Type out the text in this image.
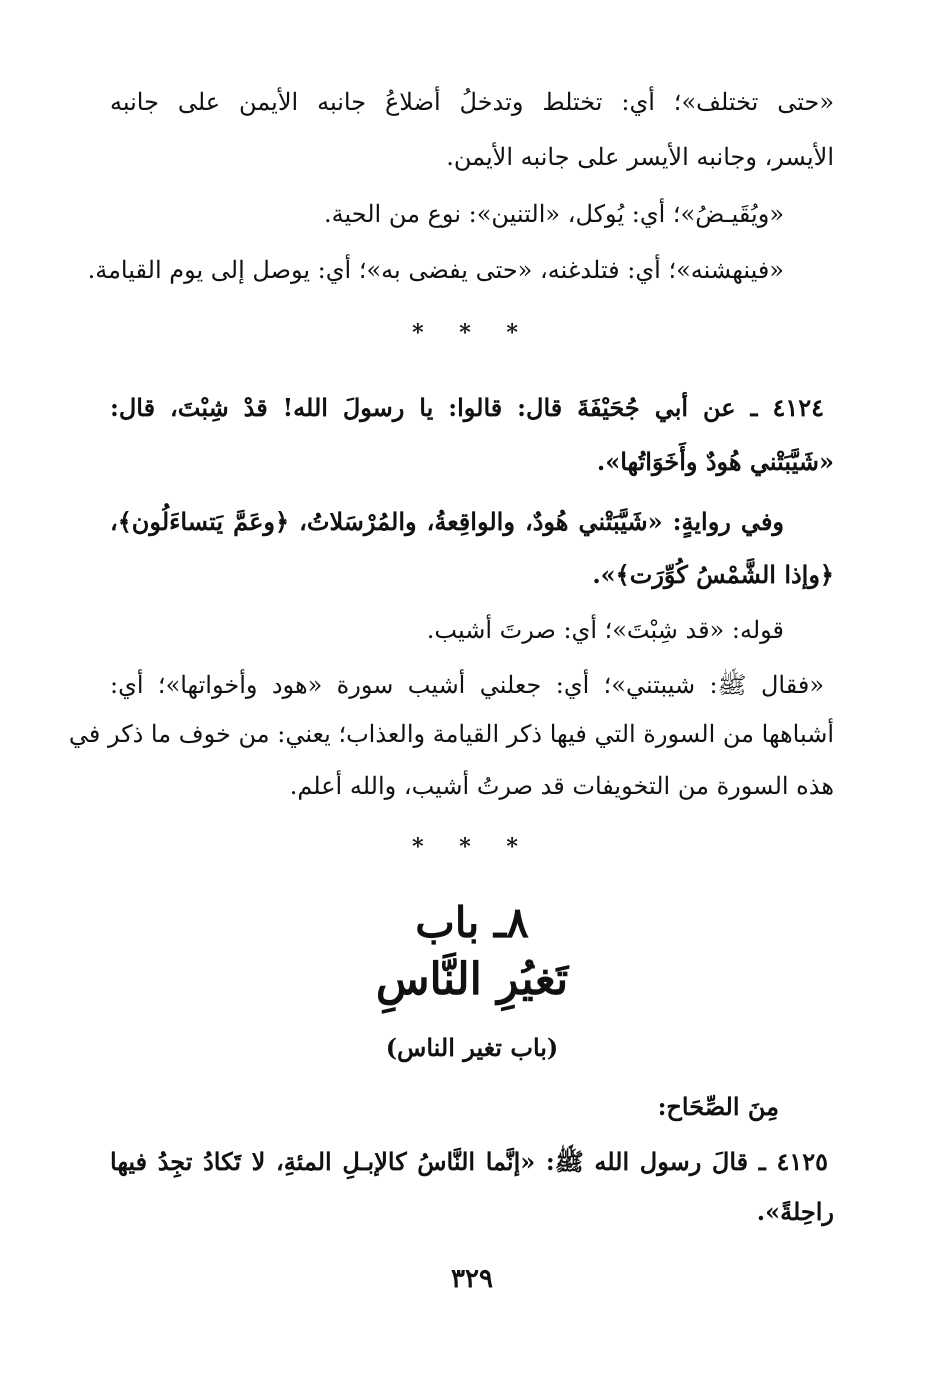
«حتى تختلف»؛ أي: تختلط وتدخلُ أضلاعُ جانبه الأيمن على جانبه
الأيسر، وجانبه الأيسر على جانبه الأيمن.
«ويُقَيـضُ»؛ أي: يُوكل، «التنين»: نوع من الحية.
«فينهشنه»؛ أي: فتلدغنه، «حتى يفضى به»؛ أي: يوصل إلى يوم القيامة.
* * *
٤١٢٤ ـ عن أبي جُحَيْفَةَ قال: قالوا: يا رسولَ الله! قدْ شِبْتَ، قال:
«شَيَّبَتْني هُودٌ وأَخَوَاتُها».
وفي روايةٍ: «شَيَّبَتْني هُودٌ، والواقِعةُ، والمُرْسَلاتُ، ﴿وعَمَّ يَتساءَلُون﴾،
﴿وإذا الشَّمْسُ كُوِّرَت﴾».
قوله: «قد شِبْتَ»؛ أي: صرتَ أشيب.
«فقال ﷺ: شيبتني»؛ أي: جعلني أشيب سورة «هود وأخواتها»؛ أي:
أشباهها من السورة التي فيها ذكر القيامة والعذاب؛ يعني: من خوف ما ذكر في
هذه السورة من التخويفات قد صرتُ أشيب، والله أعلم.
* * *
٨ـ باب
تَغيُرِ النَّاسِ
(باب تغير الناس)
مِنَ الصِّحَاح:
٤١٢٥ ـ قالَ رسول الله ﷺ: «إنَّما النَّاسُ كالإبـلِ المئةِ، لا تَكادُ تجِدُ فيها
راحِلةً».
٣٢٩
